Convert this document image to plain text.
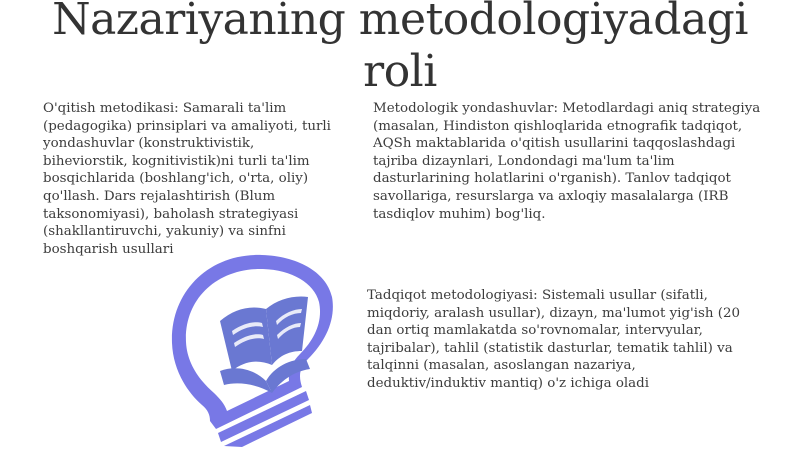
Nazariyaning metodologiyadagi roli

O'qitish metodikasi: Samarali ta'lim (pedagogika) prinsiplari va amaliyoti, turli yondashuvlar (konstruktivistik, biheviorstik, kognitivistik)ni turli ta'lim bosqichlarida (boshlang'ich, o'rta, oliy) qo'llash. Dars rejalashtirish (Blum taksonomiyasi), baholash strategiyasi (shakllantiruvchi, yakuniy) va sinfni boshqarish usullari

Metodologik yondashuvlar: Metodlardagi aniq strategiya (masalan, Hindiston qishloqlarida etnografik tadqiqot, AQSh maktablarida o'qitish usullarini taqqoslashdagi tajriba dizaynlari, Londondagi ma'lum ta'lim dasturlarining holatlarini o'rganish). Tanlov tadqiqot savollariga, resurslarga va axloqiy masalalarga (IRB tasdiqlov muhim) bog'liq.

Tadqiqot metodologiyasi: Sistemali usullar (sifatli, miqdoriy, aralash usullar), dizayn, ma'lumot yig'ish (20 dan ortiq mamlakatda so'rovnomalar, intervyular, tajribalar), tahlil (statistik dasturlar, tematik tahlil) va talqinni (masalan, asoslangan nazariya, deduktiv/induktiv mantiq) o'z ichiga oladi
